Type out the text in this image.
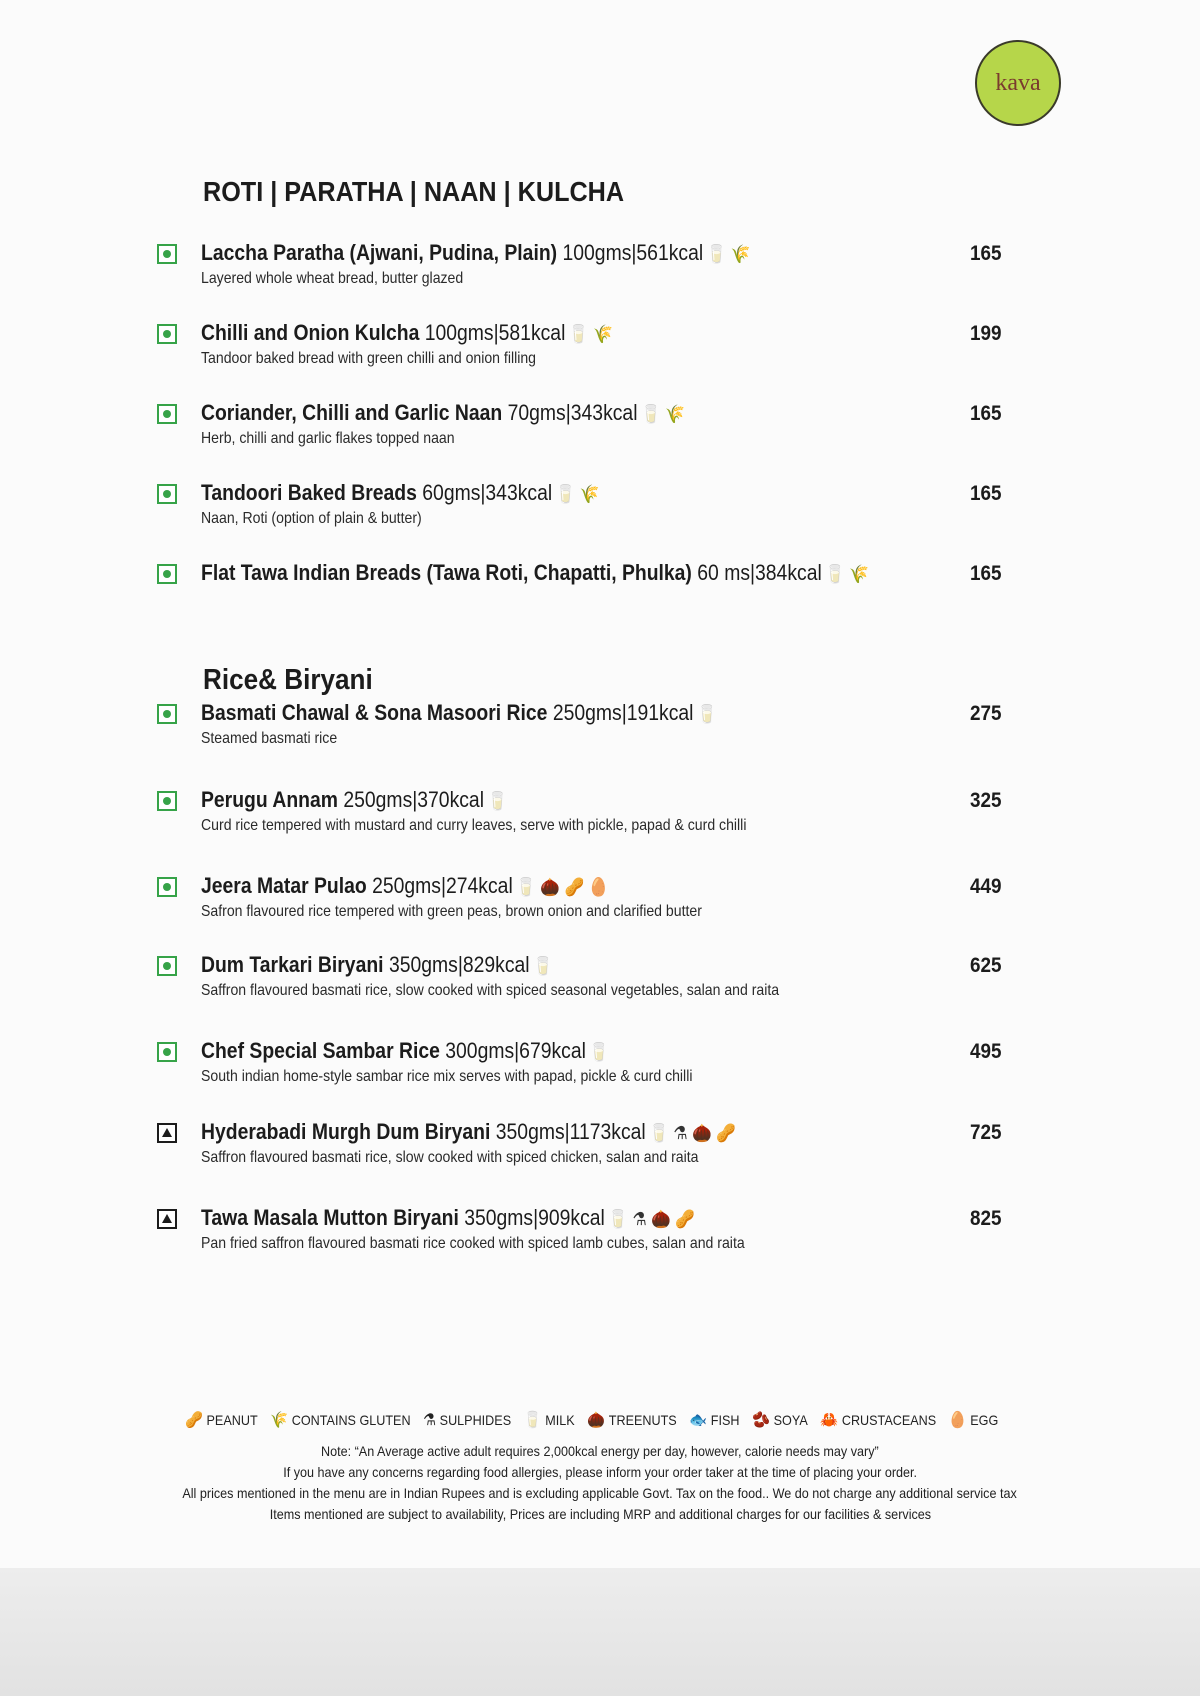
kava
ROTI | PARATHA | NAAN | KULCHA
Laccha Paratha (Ajwani, Pudina, Plain) 100gms|561kcal 🥛 🌾
Layered whole wheat bread, butter glazed
165
Chilli and Onion Kulcha 100gms|581kcal 🥛 🌾
Tandoor baked bread with green chilli and onion filling
199
Coriander, Chilli and Garlic Naan 70gms|343kcal 🥛 🌾
Herb, chilli and garlic flakes topped naan
165
Tandoori Baked Breads 60gms|343kcal 🥛 🌾
Naan, Roti (option of plain & butter)
165
Flat Tawa Indian Breads (Tawa Roti, Chapatti, Phulka) 60 ms|384kcal 🥛 🌾	165
Rice& Biryani
Basmati Chawal & Sona Masoori Rice 250gms|191kcal 🥛
Steamed basmati rice
275
Perugu Annam 250gms|370kcal 🥛
Curd rice tempered with mustard and curry leaves, serve with pickle, papad & curd chilli
325
Jeera Matar Pulao 250gms|274kcal 🥛 🌰 🥜 🥚
Safron flavoured rice tempered with green peas, brown onion and clarified butter
449
Dum Tarkari Biryani 350gms|829kcal 🥛
Saffron flavoured basmati rice, slow cooked with spiced seasonal vegetables, salan and raita
625
Chef Special Sambar Rice 300gms|679kcal 🥛
South indian home-style sambar rice mix serves with papad, pickle & curd chilli
495
Hyderabadi Murgh Dum Biryani 350gms|1173kcal 🥛 ⚗ 🌰 🥜
Saffron flavoured basmati rice, slow cooked with spiced chicken, salan and raita
725
Tawa Masala Mutton Biryani 350gms|909kcal 🥛 ⚗ 🌰 🥜
Pan fried saffron flavoured basmati rice cooked with spiced lamb cubes, salan and raita
825
🥜 PEANUT 🌾 CONTAINS GLUTEN ⚗ SULPHIDES 🥛 MILK 🌰 TREENUTS 🐟 FISH 🫘 SOYA 🦀 CRUSTACEANS 🥚 EGG
Note: “An Average active adult requires 2,000kcal energy per day, however, calorie needs may vary”
If you have any concerns regarding food allergies, please inform your order taker at the time of placing your order.
All prices mentioned in the menu are in Indian Rupees and is excluding applicable Govt. Tax on the food.. We do not charge any additional service tax
Items mentioned are subject to availability, Prices are including MRP and additional charges for our facilities & services
